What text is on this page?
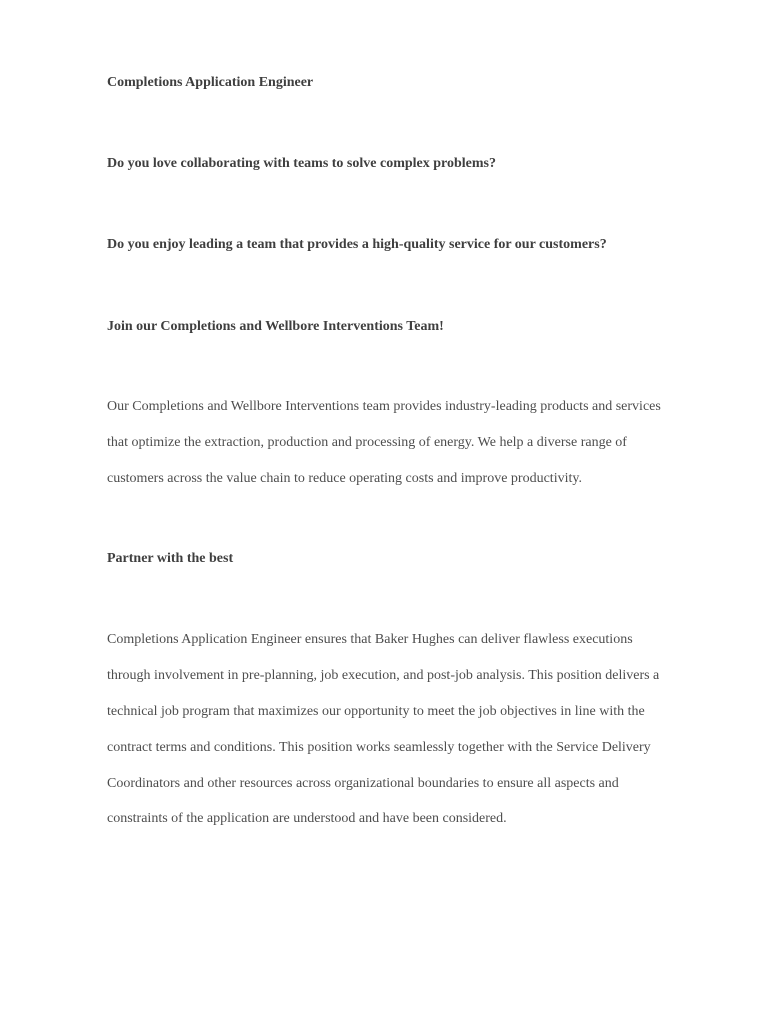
Completions Application Engineer

Do you love collaborating with teams to solve complex problems?

Do you enjoy leading a team that provides a high-quality service for our customers?

Join our Completions and Wellbore Interventions Team!

Our Completions and Wellbore Interventions team provides industry-leading products and services

that optimize the extraction, production and processing of energy. We help a diverse range of

customers across the value chain to reduce operating costs and improve productivity.

Partner with the best

Completions Application Engineer ensures that Baker Hughes can deliver flawless executions

through involvement in pre-planning, job execution, and post-job analysis. This position delivers a

technical job program that maximizes our opportunity to meet the job objectives in line with the

contract terms and conditions. This position works seamlessly together with the Service Delivery

Coordinators and other resources across organizational boundaries to ensure all aspects and

constraints of the application are understood and have been considered.
